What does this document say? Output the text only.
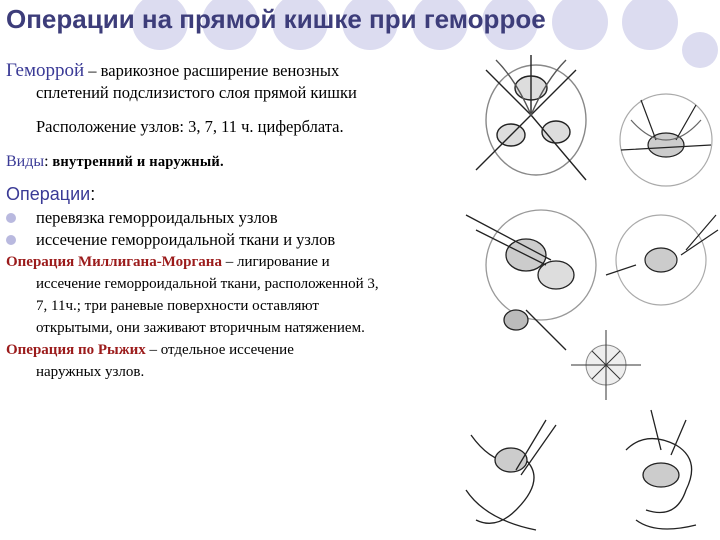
Операции на прямой кишке при геморрое

Геморрой – варикозное расширение венозных

сплетений подслизистого слоя прямой кишки

Расположение узлов: 3, 7, 11 ч. циферблата.

Виды: внутренний и наружный.

Операции:

перевязка геморроидальных узлов
иссечение геморроидальной ткани и узлов

Операция Миллигана-Моргана – лигирование и

иссечение геморроидальной ткани, расположенной 3,

7, 11ч.; три раневые поверхности оставляют

открытыми, они заживают вторичным натяжением.

Операция по Рыжих – отдельное иссечение

наружных узлов.
